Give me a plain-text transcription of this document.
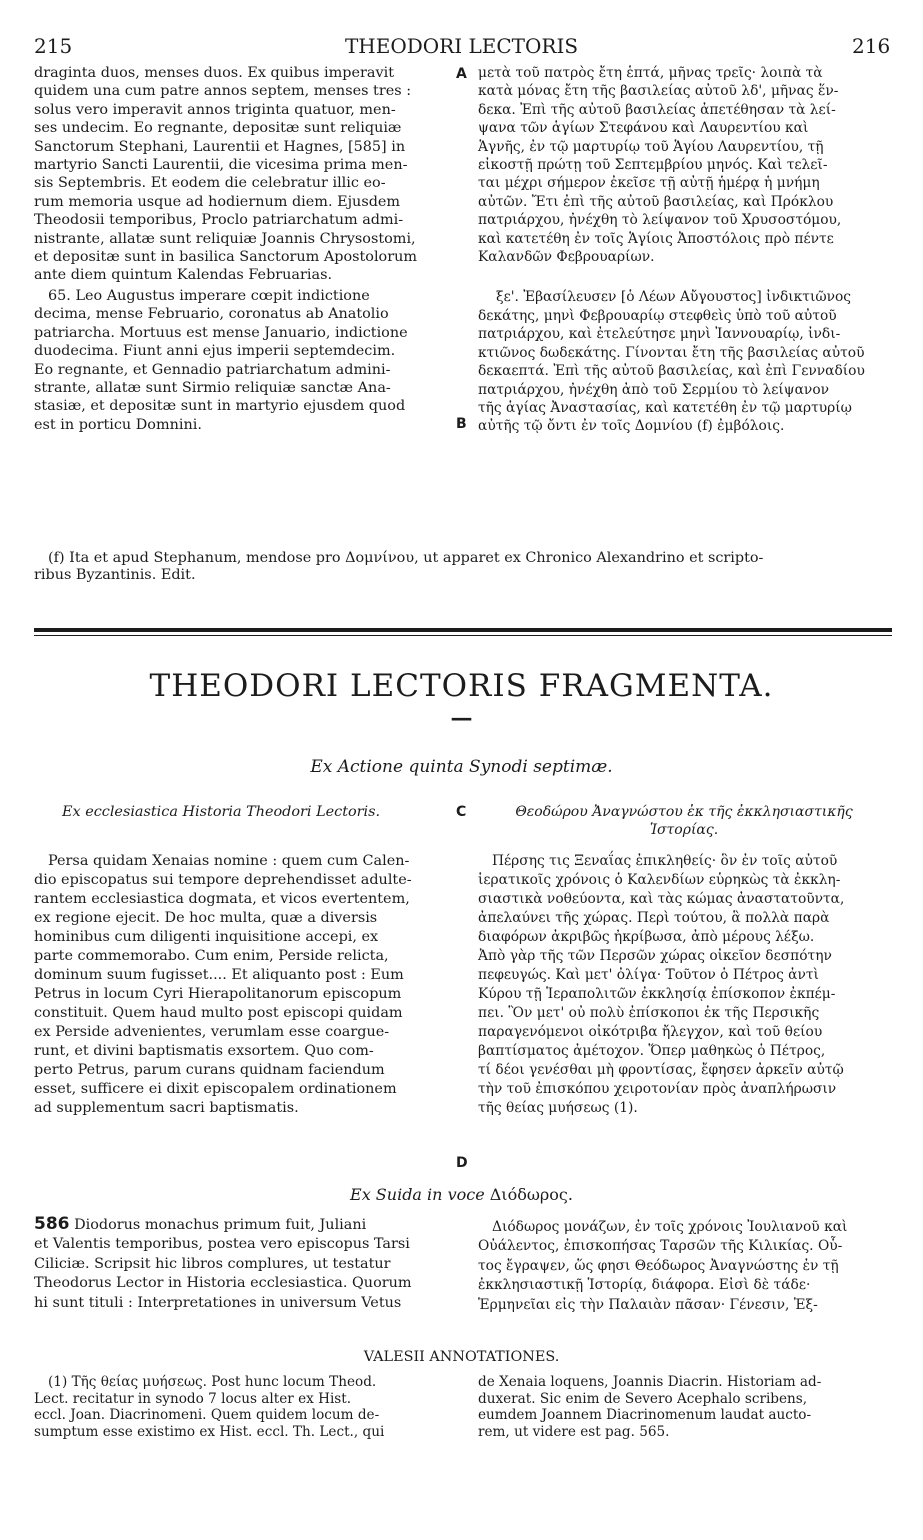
215	THEODORI LECTORIS	216

draginta duos, menses duos. Ex quibus imperavit
quidem una cum patre annos septem, menses tres :
solus vero imperavit annos triginta quatuor, men-
ses undecim. Eo regnante, depositæ sunt reliquiæ
Sanctorum Stephani, Laurentii et Hagnes, [585] in
martyrio Sancti Laurentii, die vicesima prima men-
sis Septembris. Et eodem die celebratur illic eo-
rum memoria usque ad hodiernum diem. Ejusdem
Theodosii temporibus, Proclo patriarchatum admi-
nistrante, allatæ sunt reliquiæ Joannis Chrysostomi,
et depositæ sunt in basilica Sanctorum Apostolorum
ante diem quintum Kalendas Februarias.

65. Leo Augustus imperare cœpit indictione
decima, mense Februario, coronatus ab Anatolio
patriarcha. Mortuus est mense Januario, indictione
duodecima. Fiunt anni ejus imperii septemdecim.
Eo regnante, et Gennadio patriarchatum admini-
strante, allatæ sunt Sirmio reliquiæ sanctæ Ana-
stasiæ, et depositæ sunt in martyrio ejusdem quod
est in porticu Domnini.

A
B
C
D

μετὰ τοῦ πατρὸς ἔτη ἑπτά, μῆνας τρεῖς· λοιπὰ τὰ
κατὰ μόνας ἔτη τῆς βασιλείας αὐτοῦ λδ', μῆνας ἕν-
δεκα. Ἐπὶ τῆς αὐτοῦ βασιλείας ἀπετέθησαν τὰ λεί-
ψανα τῶν ἁγίων Στεφάνου καὶ Λαυρεντίου καὶ
Ἁγνῆς, ἐν τῷ μαρτυρίῳ τοῦ Ἁγίου Λαυρεντίου, τῇ
εἰκοστῇ πρώτῃ τοῦ Σεπτεμβρίου μηνός. Καὶ τελεῖ-
ται μέχρι σήμερον ἐκεῖσε τῇ αὐτῇ ἡμέρᾳ ἡ μνήμη
αὐτῶν. Ἔτι ἐπὶ τῆς αὐτοῦ βασιλείας, καὶ Πρόκλου
πατριάρχου, ἠνέχθη τὸ λείψανον τοῦ Χρυσοστόμου,
καὶ κατετέθη ἐν τοῖς Ἁγίοις Ἀποστόλοις πρὸ πέντε
Καλανδῶν Φεβρουαρίων.

ξε'. Ἐβασίλευσεν [ὁ Λέων Αὔγουστος] ἰνδικτιῶνος
δεκάτης, μηνὶ Φεβρουαρίῳ στεφθεὶς ὑπὸ τοῦ αὐτοῦ
πατριάρχου, καὶ ἐτελεύτησε μηνὶ Ἰαννουαρίῳ, ἰνδι-
κτιῶνος δωδεκάτης. Γίνονται ἔτη τῆς βασιλείας αὐτοῦ
δεκαεπτά. Ἐπὶ τῆς αὐτοῦ βασιλείας, καὶ ἐπὶ Γενναδίου
πατριάρχου, ἠνέχθη ἀπὸ τοῦ Σερμίου τὸ λείψανον
τῆς ἁγίας Ἀναστασίας, καὶ κατετέθη ἐν τῷ μαρτυρίῳ
αὐτῆς τῷ ὄντι ἐν τοῖς Δομνίου (f) ἐμβόλοις.

(f) Ita et apud Stephanum, mendose pro Δομνίνου, ut apparet ex Chronico Alexandrino et scripto-
ribus Byzantinis. Edit.
THEODORI LECTORIS FRAGMENTA.
—
Ex Actione quinta Synodi septimæ.
Ex ecclesiastica Historia Theodori Lectoris.	Θεοδώρου Ἀναγνώστου ἐκ τῆς ἐκκλησιαστικῆς
Ἱστορίας.
Persa quidam Xenaias nomine : quem cum Calen-
dio episcopatus sui tempore deprehendisset adulte-
rantem ecclesiastica dogmata, et vicos evertentem,
ex regione ejecit. De hoc multa, quæ a diversis
hominibus cum diligenti inquisitione accepi, ex
parte commemorabo. Cum enim, Perside relicta,
dominum suum fugisset.... Et aliquanto post : Eum
Petrus in locum Cyri Hierapolitanorum episcopum
constituit. Quem haud multo post episcopi quidam
ex Perside advenientes, verumlam esse coargue-
runt, et divini baptismatis exsortem. Quo com-
perto Petrus, parum curans quidnam faciendum
esset, sufficere ei dixit episcopalem ordinationem
ad supplementum sacri baptismatis.
Πέρσης τις Ξεναΐας ἐπικληθείς· ὃν ἐν τοῖς αὐτοῦ
ἱερατικοῖς χρόνοις ὁ Καλενδίων εὑρηκὼς τὰ ἐκκλη-
σιαστικὰ νοθεύοντα, καὶ τὰς κώμας ἀναστατοῦντα,
ἀπελαύνει τῆς χώρας. Περὶ τούτου, ἃ πολλὰ παρὰ
διαφόρων ἀκριβῶς ἠκρίβωσα, ἀπὸ μέρους λέξω.
Ἀπὸ γὰρ τῆς τῶν Περσῶν χώρας οἰκεῖον δεσπότην
πεφευγώς. Καὶ μετ' ὀλίγα· Τοῦτον ὁ Πέτρος ἀντὶ
Κύρου τῇ Ἱεραπολιτῶν ἐκκλησίᾳ ἐπίσκοπον ἐκπέμ-
πει. Ὃν μετ' οὐ πολὺ ἐπίσκοποι ἐκ τῆς Περσικῆς
παραγενόμενοι οἰκότριβα ἤλεγχον, καὶ τοῦ θείου
βαπτίσματος ἀμέτοχον. Ὅπερ μαθηκὼς ὁ Πέτρος,
τί δέοι γενέσθαι μὴ φροντίσας, ἔφησεν ἀρκεῖν αὐτῷ
τὴν τοῦ ἐπισκόπου χειροτονίαν πρὸς ἀναπλήρωσιν
τῆς θείας μυήσεως (1).
Ex Suida in voce Διόδωρος.
586 Diodorus monachus primum fuit, Juliani
et Valentis temporibus, postea vero episcopus Tarsi
Ciliciæ. Scripsit hic libros complures, ut testatur
Theodorus Lector in Historia ecclesiastica. Quorum
hi sunt tituli : Interpretationes in universum Vetus
Διόδωρος μονάζων, ἐν τοῖς χρόνοις Ἰουλιανοῦ καὶ
Οὐάλεντος, ἐπισκοπήσας Ταρσῶν τῆς Κιλικίας. Οὗ-
τος ἔγραψεν, ὥς φησι Θεόδωρος Ἀναγνώστης ἐν τῇ
ἐκκλησιαστικῇ Ἱστορίᾳ, διάφορα. Εἰσὶ δὲ τάδε·
Ἑρμηνεῖαι εἰς τὴν Παλαιὰν πᾶσαν· Γένεσιν, Ἐξ-
VALESII ANNOTATIONES.
(1) Τῆς θείας μυήσεως. Post hunc locum Theod.
Lect. recitatur in synodo 7 locus alter ex Hist.
eccl. Joan. Diacrinomeni. Quem quidem locum de-
sumptum esse existimo ex Hist. eccl. Th. Lect., qui
de Xenaia loquens, Joannis Diacrin. Historiam ad-
duxerat. Sic enim de Severo Acephalo scribens,
eumdem Joannem Diacrinomenum laudat aucto-
rem, ut videre est pag. 565.
